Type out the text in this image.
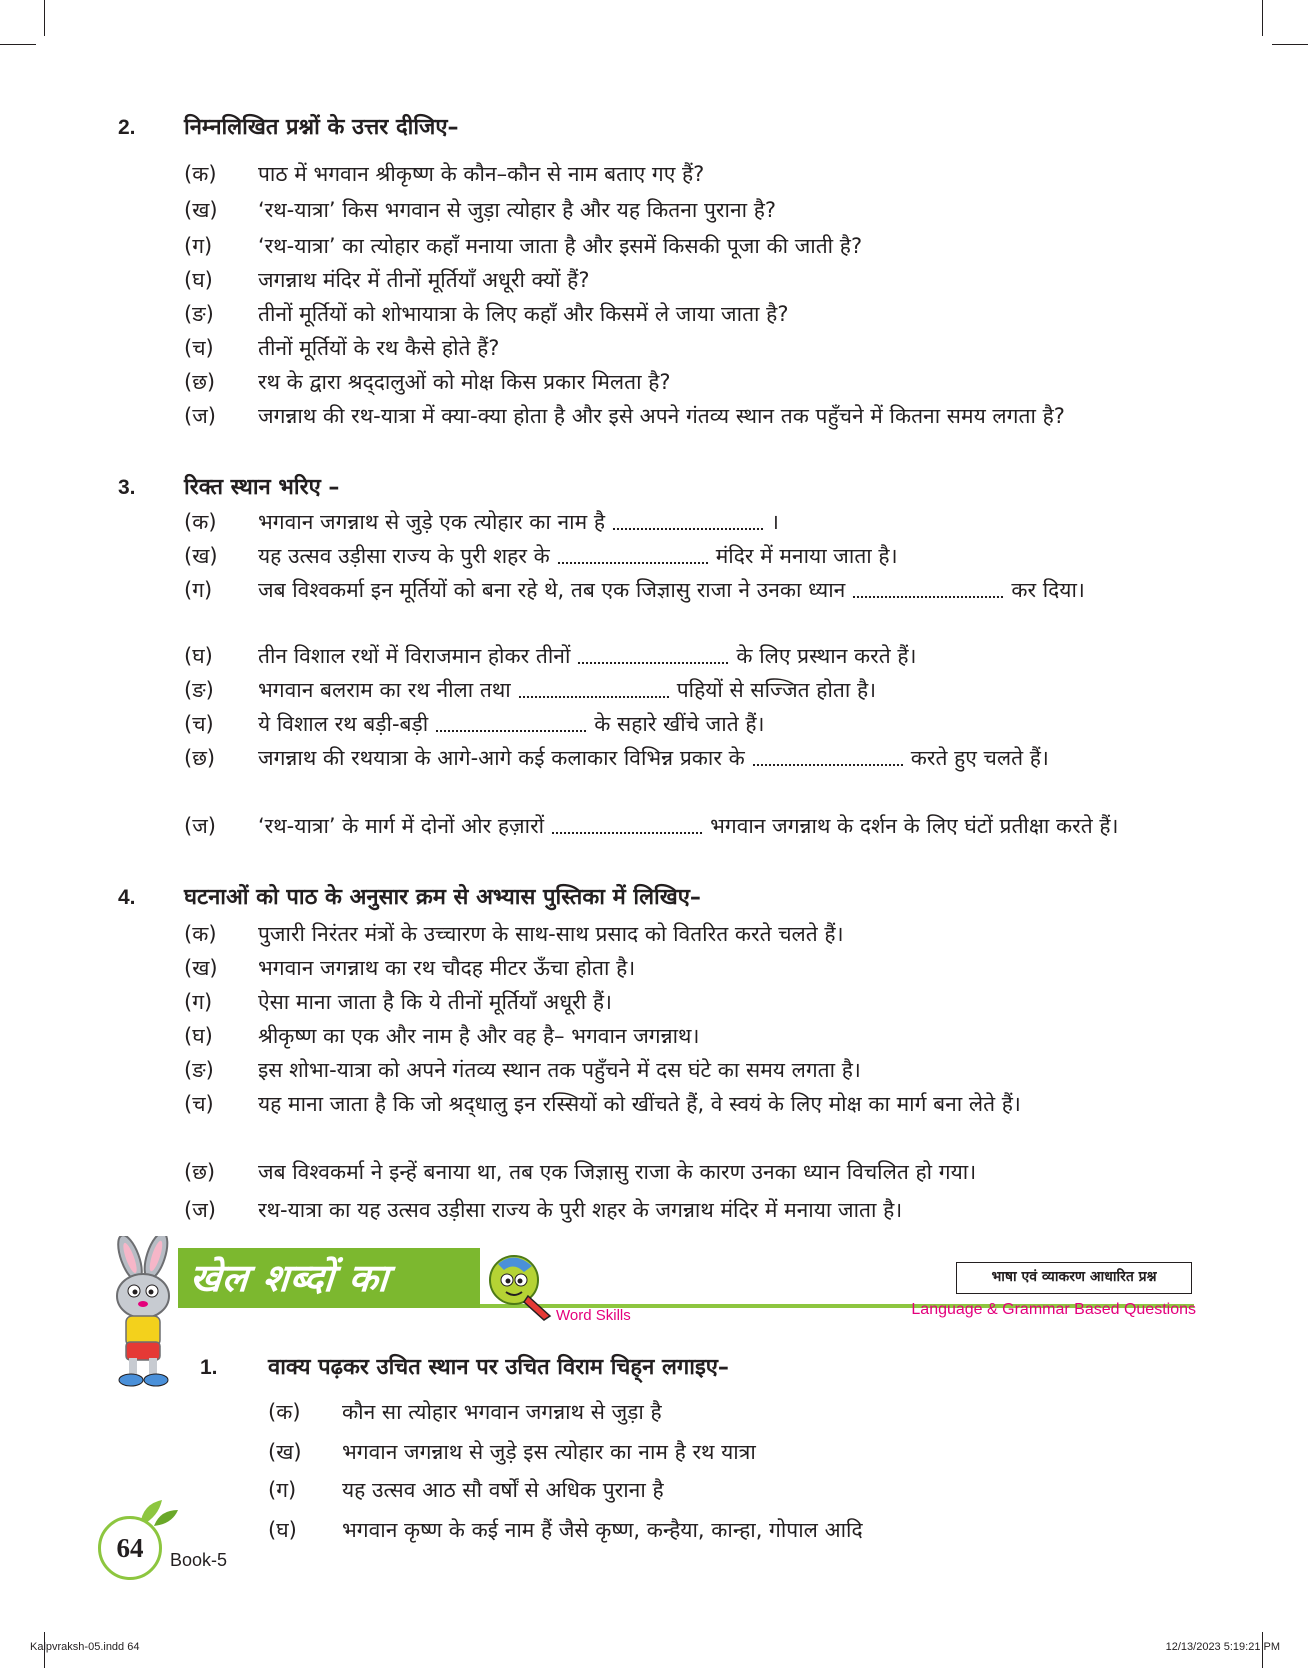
2. निम्नलिखित प्रश्नों के उत्तर दीजिए–
(क)	पाठ में भगवान श्रीकृष्ण के कौन–कौन से नाम बताए गए हैं?
(ख)	‘रथ-यात्रा’ किस भगवान से जुड़ा त्योहार है और यह कितना पुराना है?
(ग)	‘रथ-यात्रा’ का त्योहार कहाँ मनाया जाता है और इसमें किसकी पूजा की जाती है?
(घ)	जगन्नाथ मंदिर में तीनों मूर्तियाँ अधूरी क्यों हैं?
(ङ)	तीनों मूर्तियों को शोभायात्रा के लिए कहाँ और किसमें ले जाया जाता है?
(च)	तीनों मूर्तियों के रथ कैसे होते हैं?
(छ)	रथ के द्वारा श्रद्‌दालुओं को मोक्ष किस प्रकार मिलता है?
(ज)	जगन्नाथ की रथ-यात्रा में क्या-क्या होता है और इसे अपने गंतव्य स्थान तक पहुँचने में कितना समय लगता है?
3. रिक्त स्थान भरिए –
(क)	भगवान जगन्नाथ से जुड़े एक त्योहार का नाम है	।
(ख)	यह उत्सव उड़ीसा राज्य के पुरी शहर के	मंदिर में मनाया जाता है।
(ग)	जब विश्वकर्मा इन मूर्तियों को बना रहे थे, तब एक जिज्ञासु राजा ने उनका ध्यान	कर दिया।
(घ)	तीन विशाल रथों में विराजमान होकर तीनों	के लिए प्रस्थान करते हैं।
(ङ)	भगवान बलराम का रथ नीला तथा	पहियों से सज्जित होता है।
(च)	ये विशाल रथ बड़ी-बड़ी	के सहारे खींचे जाते हैं।
(छ)	जगन्नाथ की रथयात्रा के आगे-आगे कई कलाकार विभिन्न प्रकार के	करते हुए चलते हैं।
(ज)	‘रथ-यात्रा’ के मार्ग में दोनों ओर हज़ारों	भगवान जगन्नाथ के दर्शन के लिए घंटों प्रतीक्षा करते हैं।
4. घटनाओं को पाठ के अनुसार क्रम से अभ्यास पुस्तिका में लिखिए–
(क)	पुजारी निरंतर मंत्रों के उच्चारण के साथ-साथ प्रसाद को वितरित करते चलते हैं।
(ख)	भगवान जगन्नाथ का रथ चौदह मीटर ऊँचा होता है।
(ग)	ऐसा माना जाता है कि ये तीनों मूर्तियाँ अधूरी हैं।
(घ)	श्रीकृष्ण का एक और नाम है और वह है– भगवान जगन्नाथ।
(ङ)	इस शोभा-यात्रा को अपने गंतव्य स्थान तक पहुँचने में दस घंटे का समय लगता है।
(च)	यह माना जाता है कि जो श्रद्‌धालु इन रस्सियों को खींचते हैं, वे स्वयं के लिए मोक्ष का मार्ग बना लेते हैं।
(छ)	जब विश्वकर्मा ने इन्हें बनाया था, तब एक जिज्ञासु राजा के कारण उनका ध्यान विचलित हो गया।
(ज)	रथ-यात्रा का यह उत्सव उड़ीसा राज्य के पुरी शहर के जगन्नाथ मंदिर में मनाया जाता है।
खेल शब्दों का
Word Skills
भाषा एवं व्याकरण आधारित प्रश्न
Language & Grammar Based Questions
1. वाक्य पढ़कर उचित स्थान पर उचित विराम चिह्‌न लगाइए–
(क)	कौन सा त्योहार भगवान जगन्नाथ से जुड़ा है
(ख)	भगवान जगन्नाथ से जुड़े इस त्योहार का नाम है रथ यात्रा
(ग)	यह उत्सव आठ सौ वर्षों से अधिक पुराना है
(घ)	भगवान कृष्ण के कई नाम हैं जैसे कृष्ण, कन्हैया, कान्हा, गोपाल आदि
64	Book-5
Kalpvraksh-05.indd 64	12/13/2023 5:19:21 PM
